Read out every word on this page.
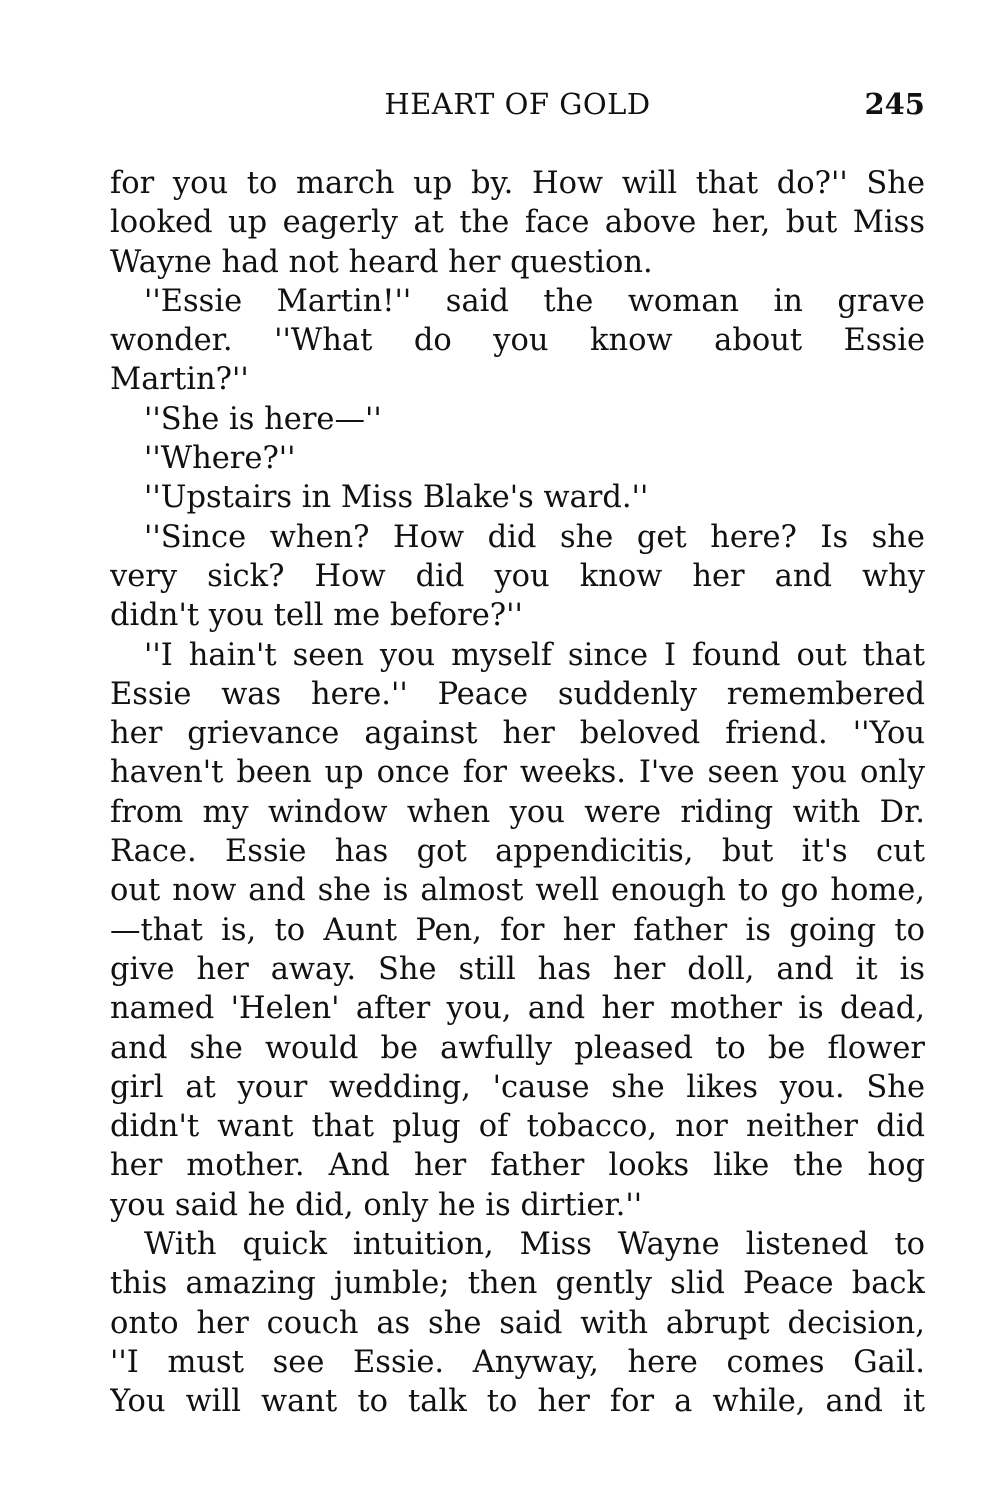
HEART OF GOLD	245
for you to march up by. How will that do?'' She
looked up eagerly at the face above her, but Miss
Wayne had not heard her question.
''Essie Martin!'' said the woman in grave
wonder. ''What do you know about Essie
Martin?''
''She is here—''
''Where?''
''Upstairs in Miss Blake's ward.''
''Since when? How did she get here? Is she
very sick? How did you know her and why
didn't you tell me before?''
''I hain't seen you myself since I found out that
Essie was here.'' Peace suddenly remembered
her grievance against her beloved friend. ''You
haven't been up once for weeks. I've seen you only
from my window when you were riding with Dr.
Race. Essie has got appendicitis, but it's cut
out now and she is almost well enough to go home,
—that is, to Aunt Pen, for her father is going to
give her away. She still has her doll, and it is
named 'Helen' after you, and her mother is dead,
and she would be awfully pleased to be flower
girl at your wedding, 'cause she likes you. She
didn't want that plug of tobacco, nor neither did
her mother. And her father looks like the hog
you said he did, only he is dirtier.''
With quick intuition, Miss Wayne listened to
this amazing jumble; then gently slid Peace back
onto her couch as she said with abrupt decision,
''I must see Essie. Anyway, here comes Gail.
You will want to talk to her for a while, and it
